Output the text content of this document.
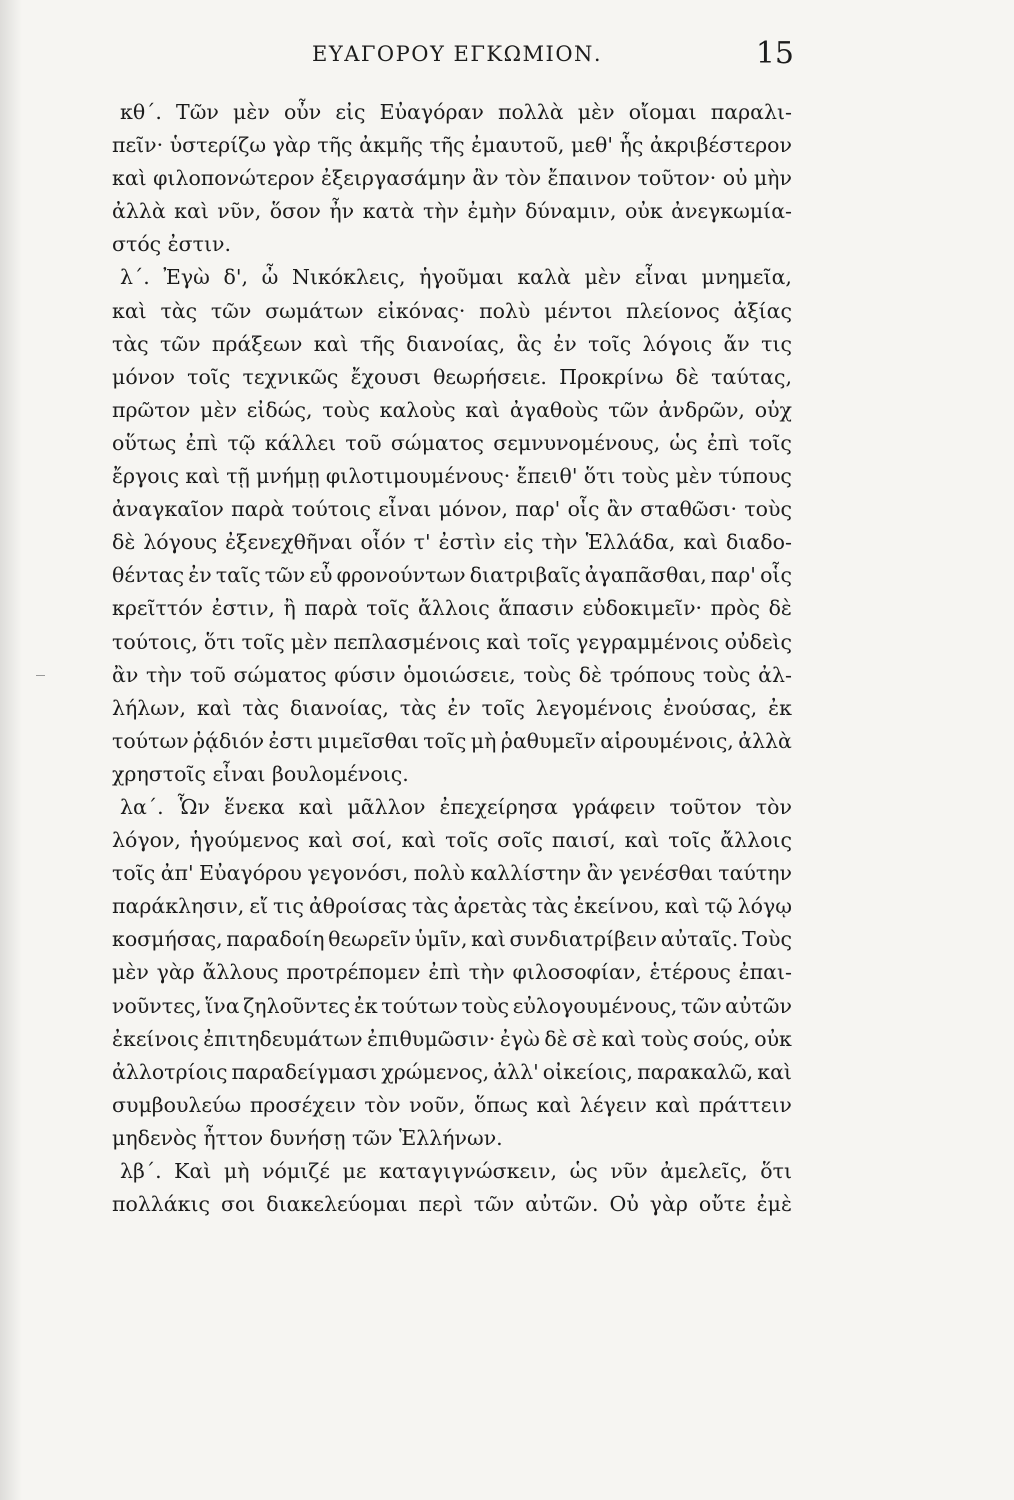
ΕΥΑΓΟΡΟΥ ΕΓΚΩΜΙΟΝ.	15
κθ΄. Τῶν μὲν οὖν εἰς Εὐαγόραν πολλὰ μὲν οἴομαι παραλι-
πεῖν· ὑστερίζω γὰρ τῆς ἀκμῆς τῆς ἐμαυτοῦ, μεθ' ἧς ἀκριβέστερον
καὶ φιλοπονώτερον ἐξειργασάμην ἂν τὸν ἔπαινον τοῦτον· οὐ μὴν
ἀλλὰ καὶ νῦν, ὅσον ἦν κατὰ τὴν ἐμὴν δύναμιν, οὐκ ἀνεγκωμία-
στός ἐστιν.
λ΄. Ἐγὼ δ', ὦ Νικόκλεις, ἡγοῦμαι καλὰ μὲν εἶναι μνημεῖα,
καὶ τὰς τῶν σωμάτων εἰκόνας· πολὺ μέντοι πλείονος ἀξίας
τὰς τῶν πράξεων καὶ τῆς διανοίας, ἃς ἐν τοῖς λόγοις ἄν τις
μόνον τοῖς τεχνικῶς ἔχουσι θεωρήσειε. Προκρίνω δὲ ταύτας,
πρῶτον μὲν εἰδώς, τοὺς καλοὺς καὶ ἀγαθοὺς τῶν ἀνδρῶν, οὐχ
οὕτως ἐπὶ τῷ κάλλει τοῦ σώματος σεμνυνομένους, ὡς ἐπὶ τοῖς
ἔργοις καὶ τῇ μνήμῃ φιλοτιμουμένους· ἔπειθ' ὅτι τοὺς μὲν τύπους
ἀναγκαῖον παρὰ τούτοις εἶναι μόνον, παρ' οἷς ἂν σταθῶσι· τοὺς
δὲ λόγους ἐξενεχθῆναι οἷόν τ' ἐστὶν εἰς τὴν Ἑλλάδα, καὶ διαδο-
θέντας ἐν ταῖς τῶν εὖ φρονούντων διατριβαῖς ἀγαπᾶσθαι, παρ' οἷς
κρεῖττόν ἐστιν, ἢ παρὰ τοῖς ἄλλοις ἅπασιν εὐδοκιμεῖν· πρὸς δὲ
τούτοις, ὅτι τοῖς μὲν πεπλασμένοις καὶ τοῖς γεγραμμένοις οὐδεὶς
ἂν τὴν τοῦ σώματος φύσιν ὁμοιώσειε, τοὺς δὲ τρόπους τοὺς ἀλ-
λήλων, καὶ τὰς διανοίας, τὰς ἐν τοῖς λεγομένοις ἐνούσας, ἐκ
τούτων ῥᾴδιόν ἐστι μιμεῖσθαι τοῖς μὴ ῥαθυμεῖν αἱρουμένοις, ἀλλὰ
χρηστοῖς εἶναι βουλομένοις.
λα΄. Ὧν ἕνεκα καὶ μᾶλλον ἐπεχείρησα γράφειν τοῦτον τὸν
λόγον, ἡγούμενος καὶ σοί, καὶ τοῖς σοῖς παισί, καὶ τοῖς ἄλλοις
τοῖς ἀπ' Εὐαγόρου γεγονόσι, πολὺ καλλίστην ἂν γενέσθαι ταύτην
παράκλησιν, εἴ τις ἀθροίσας τὰς ἀρετὰς τὰς ἐκείνου, καὶ τῷ λόγῳ
κοσμήσας, παραδοίη θεωρεῖν ὑμῖν, καὶ συνδιατρίβειν αὐταῖς. Τοὺς
μὲν γὰρ ἄλλους προτρέπομεν ἐπὶ τὴν φιλοσοφίαν, ἑτέρους ἐπαι-
νοῦντες, ἵνα ζηλοῦντες ἐκ τούτων τοὺς εὐλογουμένους, τῶν αὐτῶν
ἐκείνοις ἐπιτηδευμάτων ἐπιθυμῶσιν· ἐγὼ δὲ σὲ καὶ τοὺς σούς, οὐκ
ἀλλοτρίοις παραδείγμασι χρώμενος, ἀλλ' οἰκείοις, παρακαλῶ, καὶ
συμβουλεύω προσέχειν τὸν νοῦν, ὅπως καὶ λέγειν καὶ πράττειν
μηδενὸς ἧττον δυνήσῃ τῶν Ἑλλήνων.
λβ΄. Καὶ μὴ νόμιζέ με καταγιγνώσκειν, ὡς νῦν ἀμελεῖς, ὅτι
πολλάκις σοι διακελεύομαι περὶ τῶν αὐτῶν. Οὐ γὰρ οὔτε ἐμὲ
